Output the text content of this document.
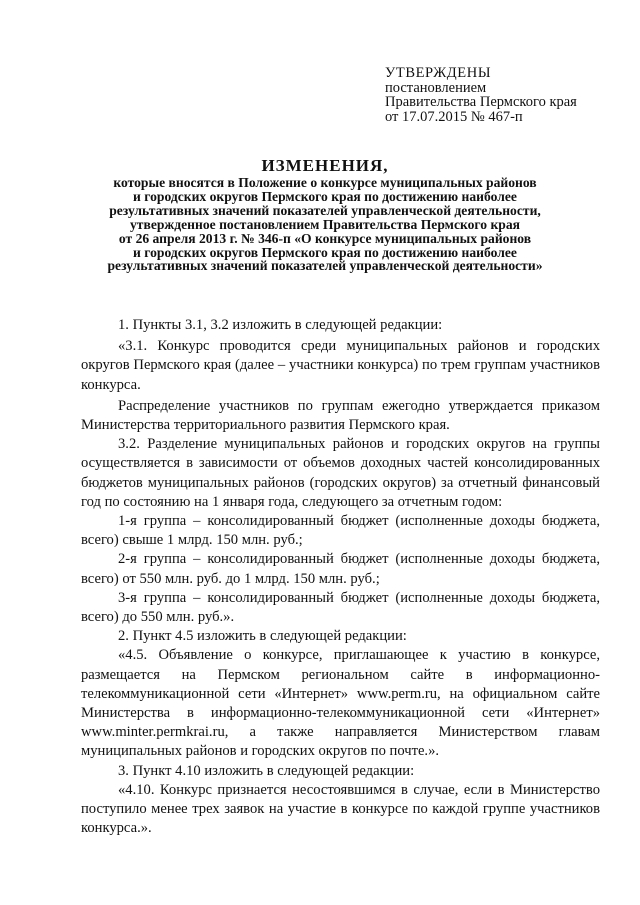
УТВЕРЖДЕНЫ
постановлением
Правительства Пермского края
от 17.07.2015 № 467-п
ИЗМЕНЕНИЯ,
которые вносятся в Положение о конкурсе муниципальных районов
и городских округов Пермского края по достижению наиболее
результативных значений показателей управленческой деятельности,
утвержденное постановлением Правительства Пермского края
от 26 апреля 2013 г. № 346-п «О конкурсе муниципальных районов
и городских округов Пермского края по достижению наиболее
результативных значений показателей управленческой деятельности»

1. Пункты 3.1, 3.2 изложить в следующей редакции:

«3.1. Конкурс проводится среди муниципальных районов и городских округов Пермского края (далее – участники конкурса) по трем группам участников конкурса.

Распределение участников по группам ежегодно утверждается приказом Министерства территориального развития Пермского края.

3.2. Разделение муниципальных районов и городских округов на группы осуществляется в зависимости от объемов доходных частей консолидированных бюджетов муниципальных районов (городских округов) за отчетный финансовый год по состоянию на 1 января года, следующего за отчетным годом:

1-я группа – консолидированный бюджет (исполненные доходы бюджета, всего) свыше 1 млрд. 150 млн. руб.;

2-я группа – консолидированный бюджет (исполненные доходы бюджета, всего) от 550 млн. руб. до 1 млрд. 150 млн. руб.;

3-я группа – консолидированный бюджет (исполненные доходы бюджета, всего) до 550 млн. руб.».

2. Пункт 4.5 изложить в следующей редакции:

«4.5. Объявление о конкурсе, приглашающее к участию в конкурсе, размещается на Пермском региональном сайте в информационно-телекоммуникационной сети «Интернет» www.perm.ru, на официальном сайте Министерства в информационно-телекоммуникационной сети «Интернет» www.minter.permkrai.ru, а также направляется Министерством главам муниципальных районов и городских округов по почте.».

3. Пункт 4.10 изложить в следующей редакции:

«4.10. Конкурс признается несостоявшимся в случае, если в Министерство поступило менее трех заявок на участие в конкурсе по каждой группе участников конкурса.».
